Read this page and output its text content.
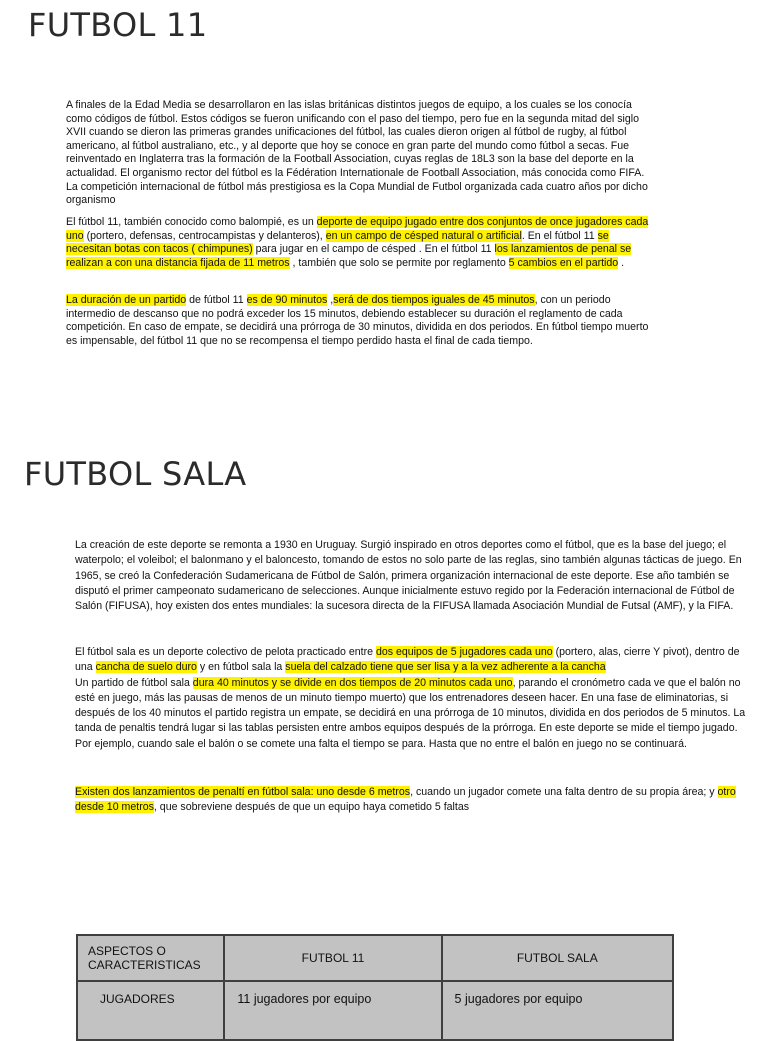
FUTBOL 11

A finales de la Edad Media se desarrollaron en las islas británicas distintos juegos de equipo, a los cuales se los conocía como códigos de fútbol. Estos códigos se fueron unificando con el paso del tiempo, pero fue en la segunda mitad del siglo XVII cuando se dieron las primeras grandes unificaciones del fútbol, las cuales dieron origen al fútbol de rugby, al fútbol americano, al fútbol australiano, etc., y al deporte que hoy se conoce en gran parte del mundo como fútbol a secas. Fue reinventado en Inglaterra tras la formación de la Football Association, cuyas reglas de 18L3 son la base del deporte en la actualidad. El organismo rector del fútbol es la Fédération Internationale de Football Association, más conocida como FIFA. La competición internacional de fútbol más prestigiosa es la Copa Mundial de Futbol organizada cada cuatro años por dicho organismo

El fútbol 11, también conocido como balompié, es un deporte de equipo jugado entre dos conjuntos de once jugadores cada uno (portero, defensas, centrocampistas y delanteros), en un campo de césped natural o artificial. En el fútbol 11 se necesitan botas con tacos ( chimpunes) para jugar en el campo de césped . En el fútbol 11 los lanzamientos de penal se realizan a con una distancia fijada de 11 metros , también que solo se permite por reglamento 5 cambios en el partido .

La duración de un partido de fútbol 11 es de 90 minutos ,será de dos tiempos iguales de 45 minutos, con un periodo intermedio de descanso que no podrá exceder los 15 minutos, debiendo establecer su duración el reglamento de cada competición. En caso de empate, se decidirá una prórroga de 30 minutos, dividida en dos periodos. En fútbol tiempo muerto es impensable, del fútbol 11 que no se recompensa el tiempo perdido hasta el final de cada tiempo.

FUTBOL SALA

La creación de este deporte se remonta a 1930 en Uruguay. Surgió inspirado en otros deportes como el fútbol, que es la base del juego; el waterpolo; el voleibol; el balonmano y el baloncesto, tomando de estos no solo parte de las reglas, sino también algunas tácticas de juego. En 1965, se creó la Confederación Sudamericana de Fútbol de Salón, primera organización internacional de este deporte. Ese año también se disputó el primer campeonato sudamericano de selecciones. Aunque inicialmente estuvo regido por la Federación internacional de Fútbol de Salón (FIFUSA), hoy existen dos entes mundiales: la sucesora directa de la FIFUSA llamada Asociación Mundial de Futsal (AMF), y la FIFA.

El fútbol sala es un deporte colectivo de pelota practicado entre dos equipos de 5 jugadores cada uno (portero, alas, cierre Y pivot), dentro de una cancha de suelo duro y en fútbol sala la suela del calzado tiene que ser lisa y a la vez adherente a la cancha
Un partido de fútbol sala dura 40 minutos y se divide en dos tiempos de 20 minutos cada uno, parando el cronómetro cada ve que el balón no esté en juego, más las pausas de menos de un minuto tiempo muerto) que los entrenadores deseen hacer. En una fase de eliminatorias, si después de los 40 minutos el partido registra un empate, se decidirá en una prórroga de 10 minutos, dividida en dos periodos de 5 minutos. La tanda de penaltis tendrá lugar si las tablas persisten entre ambos equipos después de la prórroga. En este deporte se mide el tiempo jugado. Por ejemplo, cuando sale el balón o se comete una falta el tiempo se para. Hasta que no entre el balón en juego no se continuará.

Existen dos lanzamientos de penaltí en fútbol sala: uno desde 6 metros, cuando un jugador comete una falta dentro de su propia área; y otro desde 10 metros, que sobreviene después de que un equipo haya cometido 5 faltas

ASPECTOS O CARACTERISTICAS	FUTBOL 11	FUTBOL SALA
JUGADORES	11 jugadores por equipo	5 jugadores por equipo
